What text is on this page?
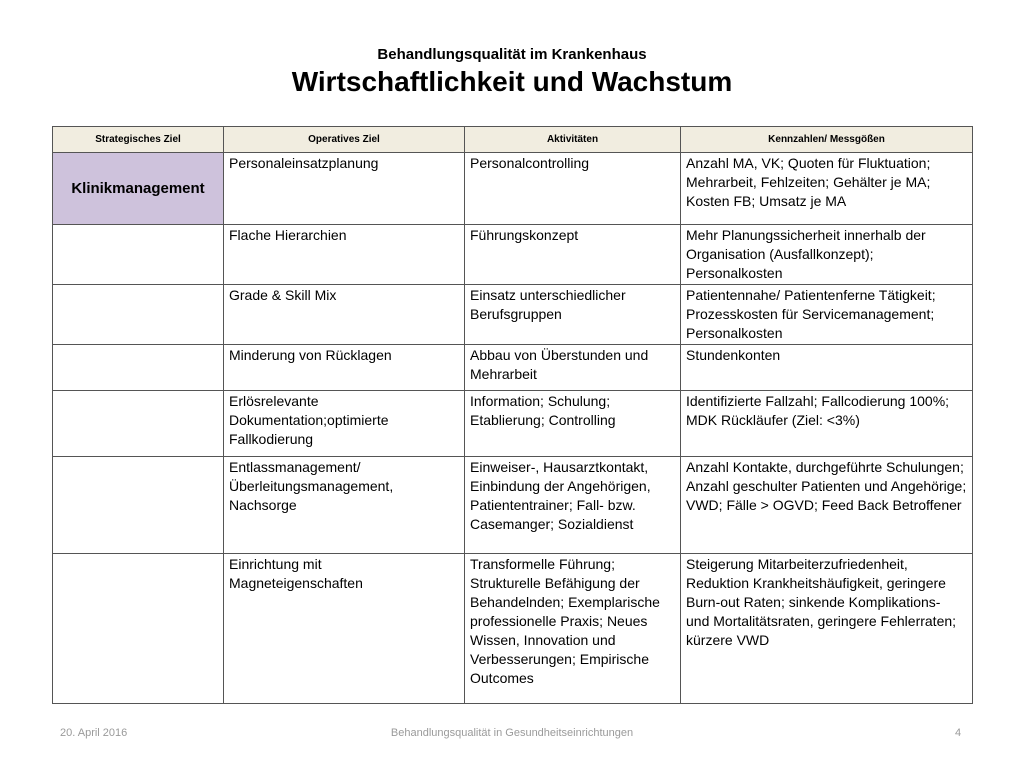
Behandlungsqualität im Krankenhaus
Wirtschaftlichkeit und Wachstum
Strategisches Ziel	Operatives Ziel	Aktivitäten	Kennzahlen/ Messgößen
Klinikmanagement	Personaleinsatzplanung	Personalcontrolling	Anzahl MA, VK; Quoten für Fluktuation; Mehrarbeit, Fehlzeiten; Gehälter je MA; Kosten FB; Umsatz je MA
	Flache Hierarchien	Führungskonzept	Mehr Planungssicherheit innerhalb der Organisation (Ausfallkonzept); Personalkosten
	Grade & Skill Mix	Einsatz unterschiedlicher Berufsgruppen	Patientennahe/ Patientenferne Tätigkeit; Prozesskosten für Servicemanagement; Personalkosten
	Minderung von Rücklagen	Abbau von Überstunden und Mehrarbeit	Stundenkonten
	Erlösrelevante Dokumentation;optimierte Fallkodierung	Information; Schulung; Etablierung; Controlling	Identifizierte Fallzahl; Fallcodierung 100%; MDK Rückläufer (Ziel: <3%)
	Entlassmanagement/ Überleitungsmanagement, Nachsorge	Einweiser-, Hausarztkontakt, Einbindung der Angehörigen, Patiententrainer; Fall- bzw. Casemanger; Sozialdienst	Anzahl Kontakte, durchgeführte Schulungen; Anzahl geschulter Patienten und Angehörige; VWD; Fälle > OGVD; Feed Back Betroffener
	Einrichtung mit Magneteigenschaften	Transformelle Führung; Strukturelle Befähigung der Behandelnden; Exemplarische professionelle Praxis; Neues Wissen, Innovation und Verbesserungen; Empirische Outcomes	Steigerung Mitarbeiterzufriedenheit, Reduktion Krankheitshäufigkeit, geringere Burn-out Raten; sinkende Komplikations- und Mortalitätsraten, geringere Fehlerraten; kürzere VWD
20. April 2016	Behandlungsqualität in Gesundheitseinrichtungen	4
